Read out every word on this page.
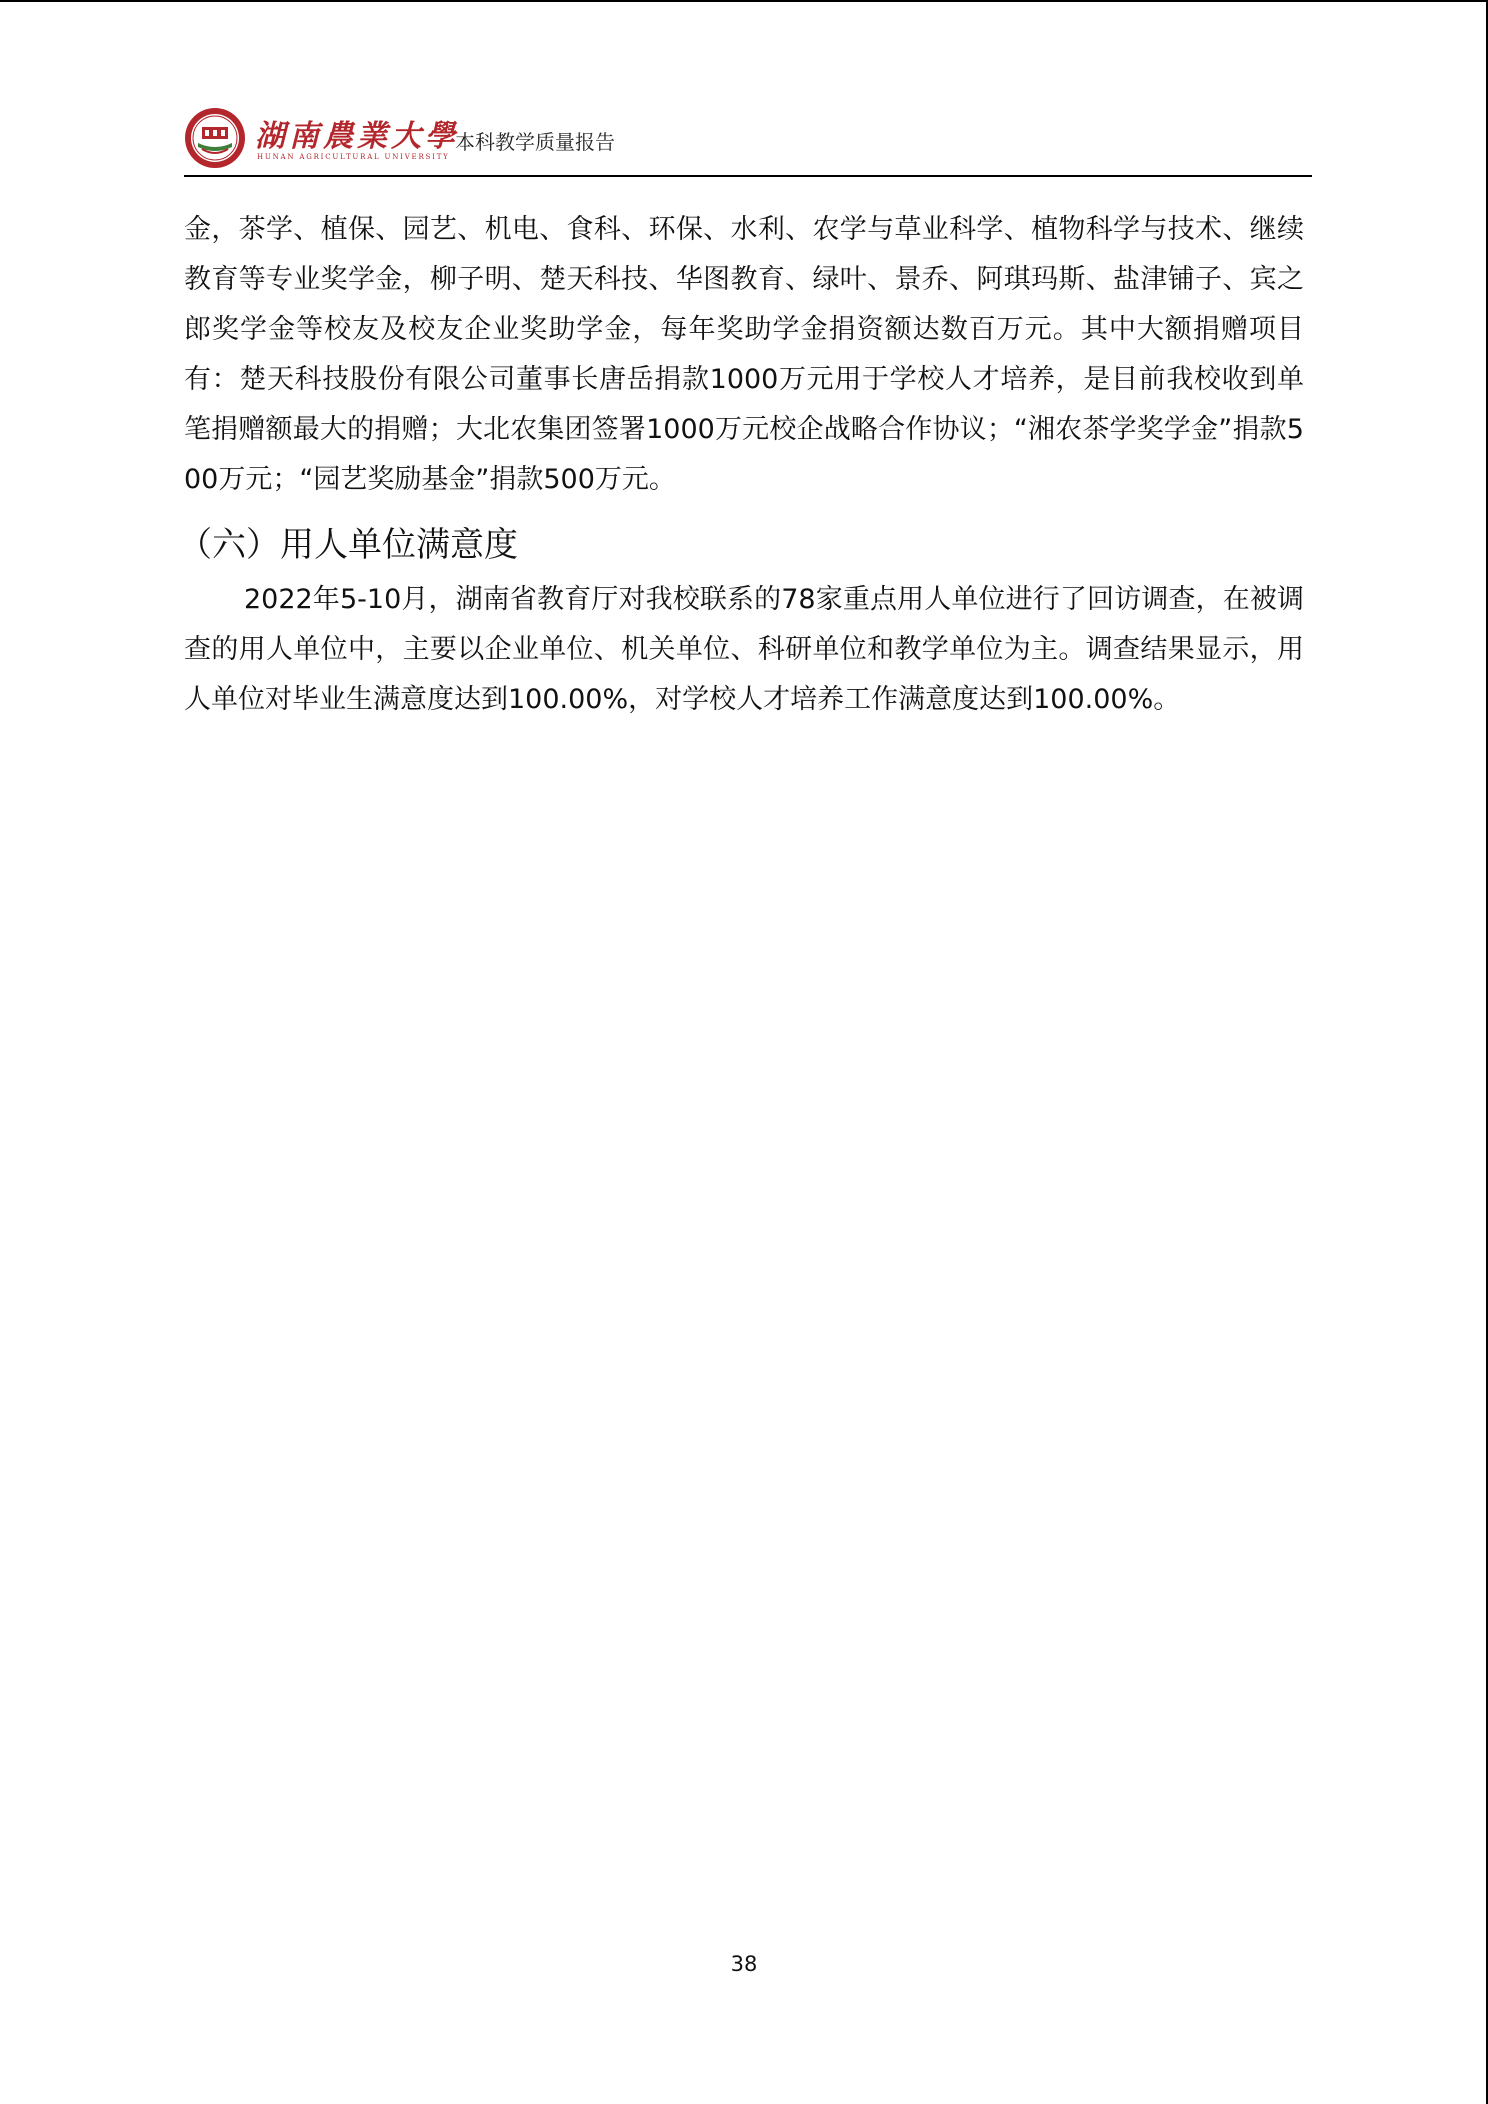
湖南農業大學
HUNAN AGRICULTURAL UNIVERSITY
本科教学质量报告

金，茶学、植保、园艺、机电、食科、环保、水利、农学与草业科学、植物科学与技术、继续教育等专业奖学金，柳子明、楚天科技、华图教育、绿叶、景乔、阿琪玛斯、盐津铺子、宾之郎奖学金等校友及校友企业奖助学金，每年奖助学金捐资额达数百万元。其中大额捐赠项目有：楚天科技股份有限公司董事长唐岳捐款1000万元用于学校人才培养，是目前我校收到单笔捐赠额最大的捐赠；大北农集团签署1000万元校企战略合作协议；“湘农茶学奖学金”捐款500万元；“园艺奖励基金”捐款500万元。

（六）用人单位满意度

2022年5-10月，湖南省教育厅对我校联系的78家重点用人单位进行了回访调查，在被调查的用人单位中，主要以企业单位、机关单位、科研单位和教学单位为主。调查结果显示，用人单位对毕业生满意度达到100.00%，对学校人才培养工作满意度达到100.00%。

38
